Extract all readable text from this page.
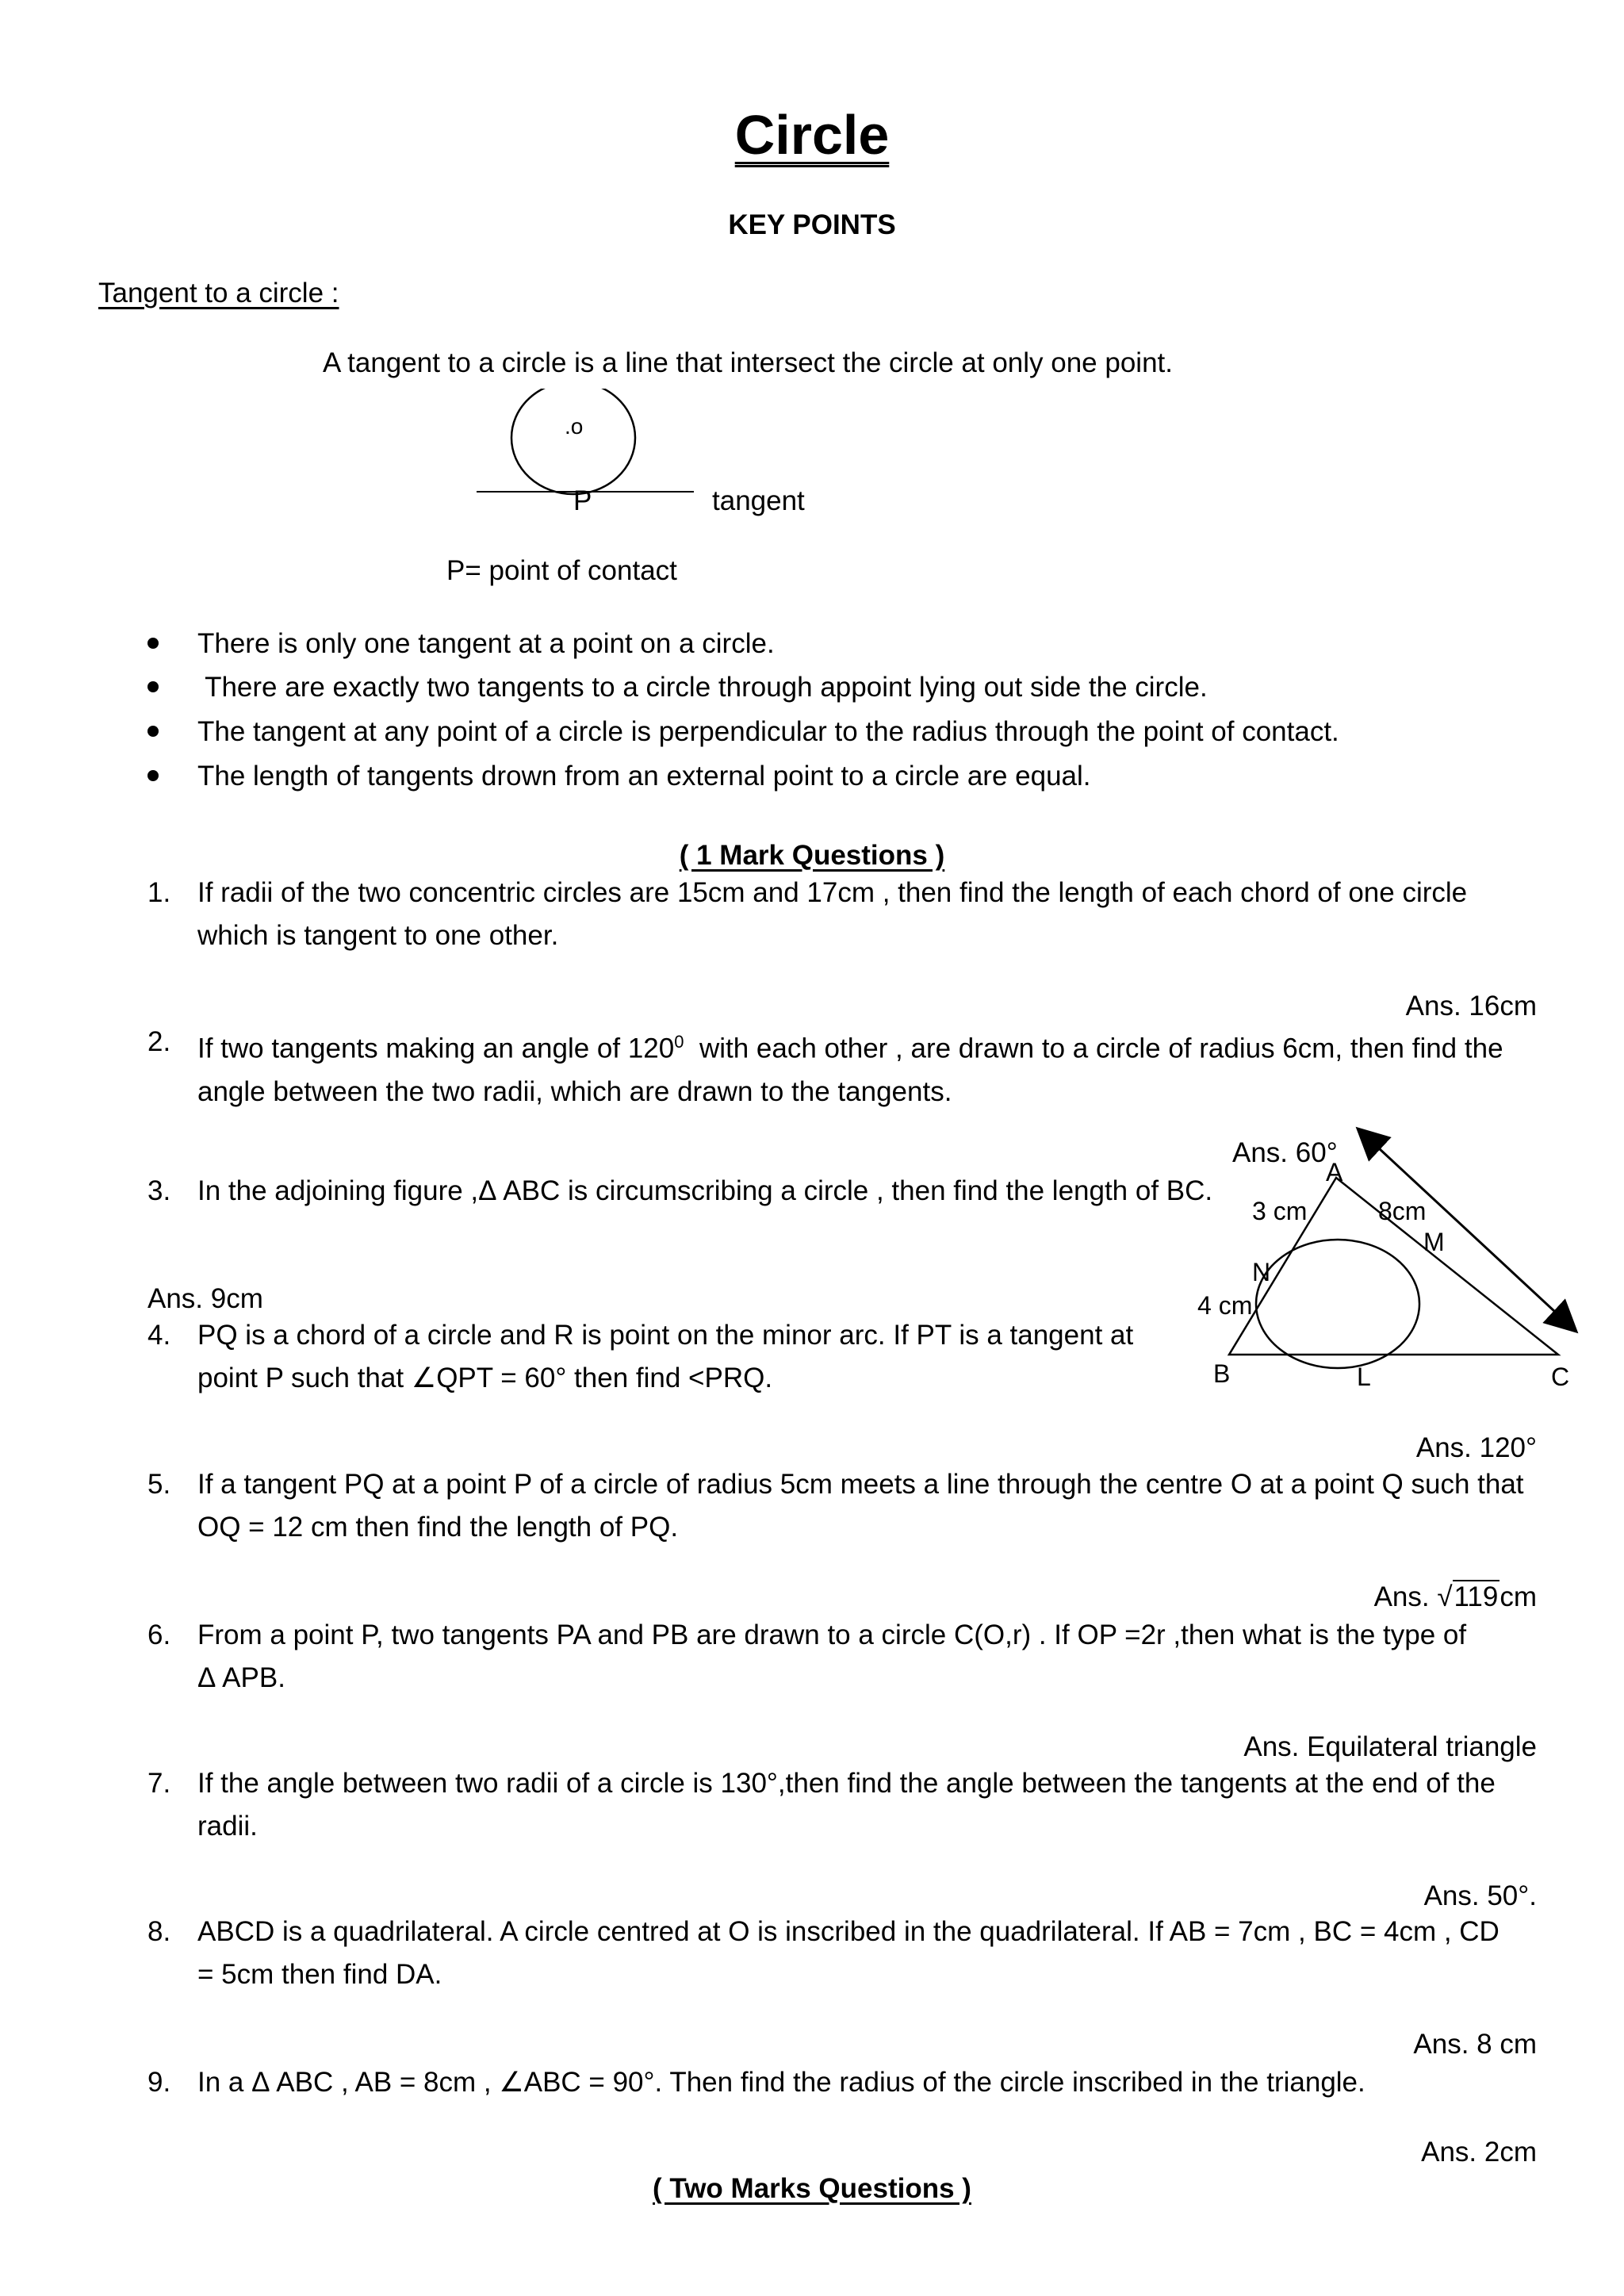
Circle
KEY POINTS
Tangent to a circle :
A tangent to a circle is a line that intersect the circle at only one point.
.o
P	tangent
P= point of contact
There is only one tangent at a point on a circle.
There are exactly two tangents to a circle through appoint lying out side the circle.
The tangent at any point of a circle is perpendicular to the radius through the point of contact.
The length of tangents drown from an external point to a circle are equal.
( 1 Mark Questions )
1. If radii of the two concentric circles are 15cm and 17cm , then find the length of each chord of one circle which is tangent to one other.
Ans. 16cm
2. If two tangents making an angle of $120^0$  with each other , are drawn to a circle of radius 6cm, then find the angle between the two radii, which are drawn to the tangents.
Ans. 60°
3. In the adjoining figure ,Δ ABC is circumscribing a circle , then find the length of BC.
Ans. 9cm
A
3 cm	8cm
M
N
4 cm
B	L	C
4. PQ is a chord of a circle and R is point on the minor arc. If PT is a tangent at point P such that ∠QPT = 60° then find <PRQ.
Ans. 120°
5. If a tangent PQ at a point P of a circle of radius 5cm meets a line through the centre O at a point Q such that OQ = 12 cm then find the length of PQ.
Ans. √119cm
6. From a point P, two tangents PA and PB are drawn to a circle C(O,r) . If OP =2r ,then what is the type of Δ APB.
Ans. Equilateral triangle
7. If the angle between two radii of a circle is 130°,then find the angle between the tangents at the end of the radii.
Ans. 50°.
8. ABCD is a quadrilateral. A circle centred at O is inscribed in the quadrilateral. If AB = 7cm , BC = 4cm , CD = 5cm then find DA.
Ans. 8 cm
9. In a Δ ABC , AB = 8cm , ∠ABC = 90°. Then find the radius of the circle inscribed in the triangle.
Ans. 2cm
( Two Marks Questions )
